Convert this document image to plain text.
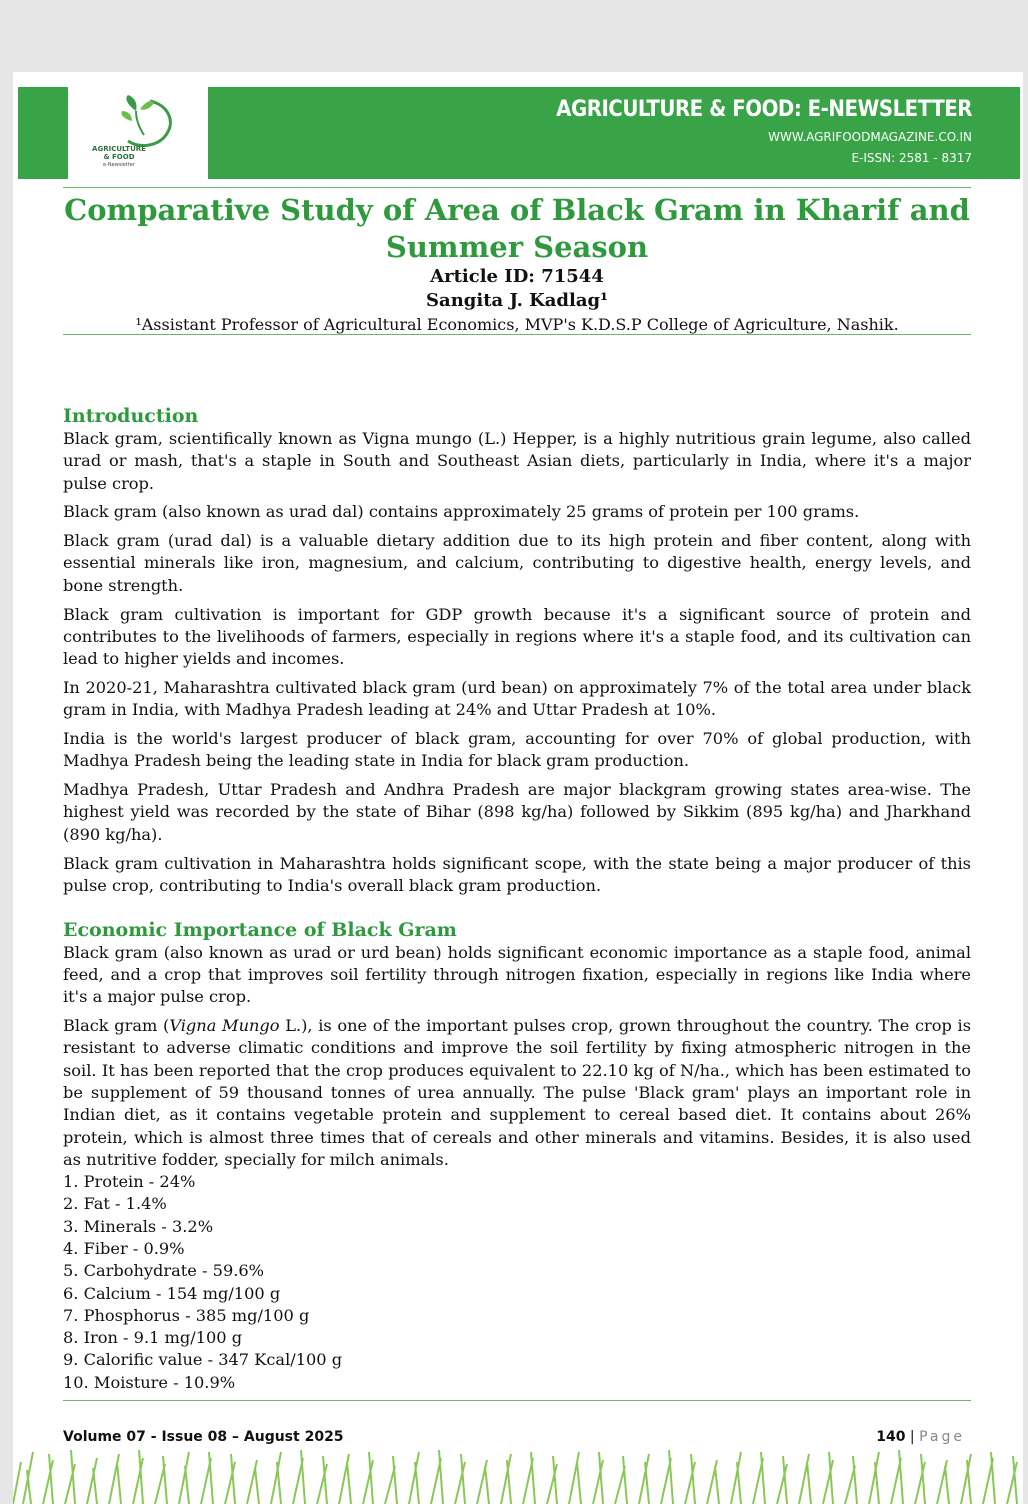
AGRICULTURE
& FOOD
e-Newsletter
AGRICULTURE & FOOD: E-NEWSLETTER
WWW.AGRIFOODMAGAZINE.CO.IN
E-ISSN: 2581 - 8317
Comparative Study of Area of Black Gram in Kharif and Summer Season
Article ID: 71544
Sangita J. Kadlag¹
¹Assistant Professor of Agricultural Economics, MVP's K.D.S.P College of Agriculture, Nashik.
Introduction

Black gram, scientifically known as Vigna mungo (L.) Hepper, is a highly nutritious grain legume, also called urad or mash, that's a staple in South and Southeast Asian diets, particularly in India, where it's a major pulse crop.

Black gram (also known as urad dal) contains approximately 25 grams of protein per 100 grams.

Black gram (urad dal) is a valuable dietary addition due to its high protein and fiber content, along with essential minerals like iron, magnesium, and calcium, contributing to digestive health, energy levels, and bone strength.

Black gram cultivation is important for GDP growth because it's a significant source of protein and contributes to the livelihoods of farmers, especially in regions where it's a staple food, and its cultivation can lead to higher yields and incomes.

In 2020-21, Maharashtra cultivated black gram (urd bean) on approximately 7% of the total area under black gram in India, with Madhya Pradesh leading at 24% and Uttar Pradesh at 10%.

India is the world's largest producer of black gram, accounting for over 70% of global production, with Madhya Pradesh being the leading state in India for black gram production.

Madhya Pradesh, Uttar Pradesh and Andhra Pradesh are major blackgram growing states area-wise. The highest yield was recorded by the state of Bihar (898 kg/ha) followed by Sikkim (895 kg/ha) and Jharkhand (890 kg/ha).

Black gram cultivation in Maharashtra holds significant scope, with the state being a major producer of this pulse crop, contributing to India's overall black gram production.

Economic Importance of Black Gram

Black gram (also known as urad or urd bean) holds significant economic importance as a staple food, animal feed, and a crop that improves soil fertility through nitrogen fixation, especially in regions like India where it's a major pulse crop.

Black gram (Vigna Mungo L.), is one of the important pulses crop, grown throughout the country. The crop is resistant to adverse climatic conditions and improve the soil fertility by fixing atmospheric nitrogen in the soil. It has been reported that the crop produces equivalent to 22.10 kg of N/ha., which has been estimated to be supplement of 59 thousand tonnes of urea annually. The pulse 'Black gram' plays an important role in Indian diet, as it contains vegetable protein and supplement to cereal based diet. It contains about 26% protein, which is almost three times that of cereals and other minerals and vitamins. Besides, it is also used as nutritive fodder, specially for milch animals.

1. Protein - 24%
2. Fat - 1.4%
3. Minerals - 3.2%
4. Fiber - 0.9%
5. Carbohydrate - 59.6%
6. Calcium - 154 mg/100 g
7. Phosphorus - 385 mg/100 g
8. Iron - 9.1 mg/100 g
9. Calorific value - 347 Kcal/100 g
10. Moisture - 10.9%
Volume 07 - Issue 08 – August 2025	140 | Page
